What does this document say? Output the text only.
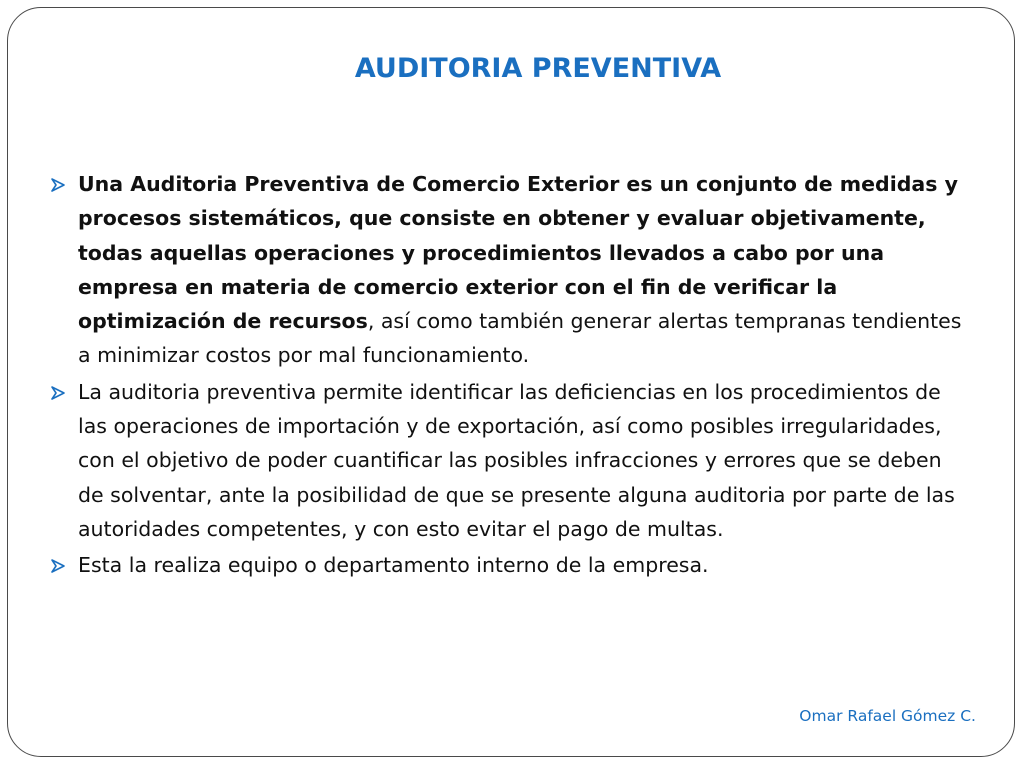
AUDITORIA PREVENTIVA
Una Auditoria Preventiva de Comercio Exterior es un conjunto de medidas y procesos sistemáticos, que consiste en obtener y evaluar objetivamente, todas aquellas operaciones y procedimientos llevados a cabo por una empresa en materia de comercio exterior con el fin de verificar la optimización de recursos, así como también generar alertas tempranas tendientes a minimizar costos por mal funcionamiento.
La auditoria preventiva permite identificar las deficiencias en los procedimientos de las operaciones de importación y de exportación, así como posibles irregularidades, con el objetivo de poder cuantificar las posibles infracciones y errores que se deben de solventar, ante la posibilidad de que se presente alguna auditoria por parte de las autoridades competentes, y con esto evitar el pago de multas.
Esta la realiza equipo o departamento interno de la empresa.
Omar Rafael Gómez C.
